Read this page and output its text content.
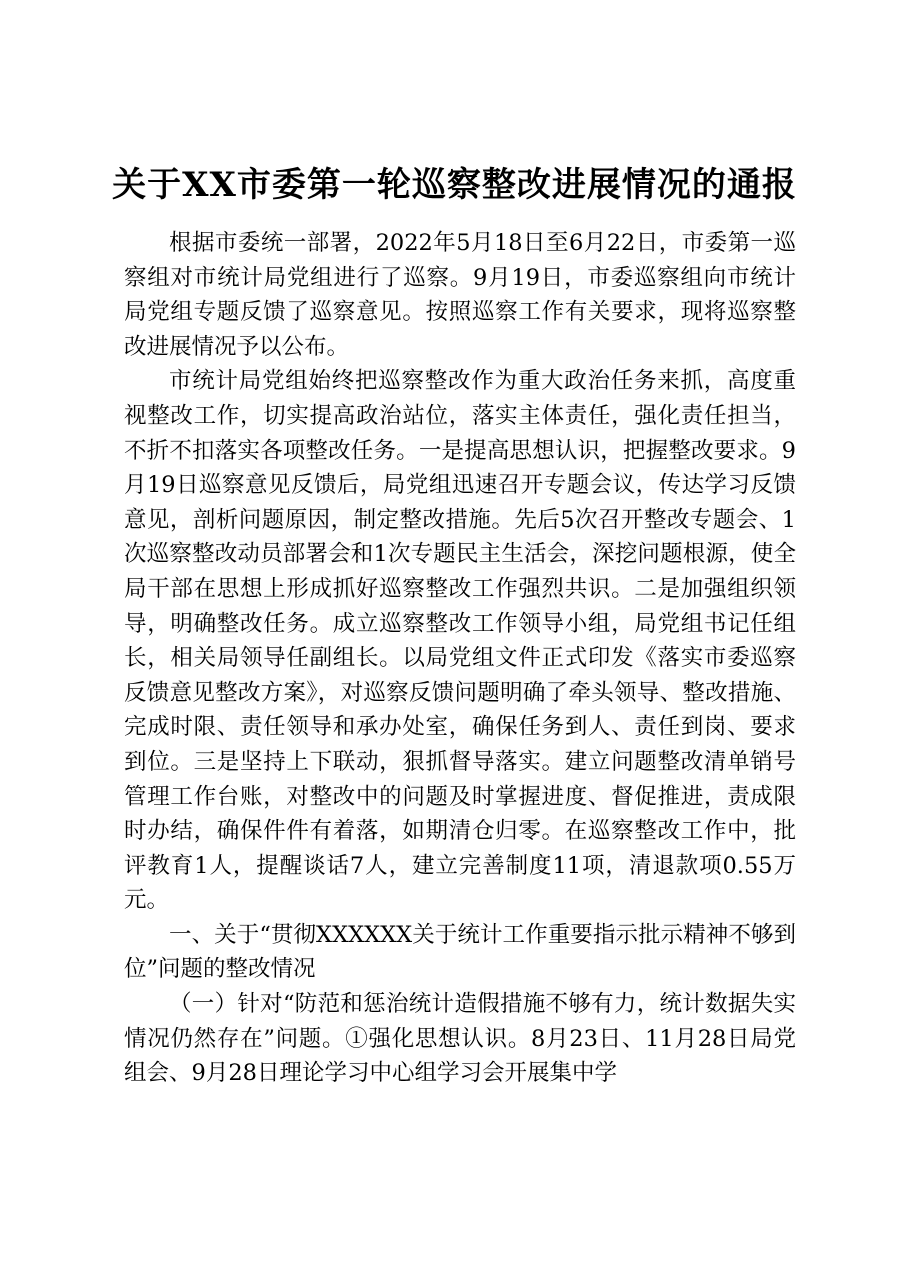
关于XX市委第一轮巡察整改进展情况的通报

根据市委统一部署，2022年5月18日至6月22日，市委第一巡察组对市统计局党组进行了巡察。9月19日，市委巡察组向市统计局党组专题反馈了巡察意见。按照巡察工作有关要求，现将巡察整改进展情况予以公布。

市统计局党组始终把巡察整改作为重大政治任务来抓，高度重视整改工作，切实提高政治站位，落实主体责任，强化责任担当，不折不扣落实各项整改任务。一是提高思想认识，把握整改要求。9月19日巡察意见反馈后，局党组迅速召开专题会议，传达学习反馈意见，剖析问题原因，制定整改措施。先后5次召开整改专题会、1次巡察整改动员部署会和1次专题民主生活会，深挖问题根源，使全局干部在思想上形成抓好巡察整改工作强烈共识。二是加强组织领导，明确整改任务。成立巡察整改工作领导小组，局党组书记任组长，相关局领导任副组长。以局党组文件正式印发《落实市委巡察反馈意见整改方案》，对巡察反馈问题明确了牵头领导、整改措施、完成时限、责任领导和承办处室，确保任务到人、责任到岗、要求到位。三是坚持上下联动，狠抓督导落实。建立问题整改清单销号管理工作台账，对整改中的问题及时掌握进度、督促推进，责成限时办结，确保件件有着落，如期清仓归零。在巡察整改工作中，批评教育1人，提醒谈话7人，建立完善制度11项，清退款项0.55万元。

一、关于“贯彻XXXXXX关于统计工作重要指示批示精神不够到位”问题的整改情况

（一）针对“防范和惩治统计造假措施不够有力，统计数据失实情况仍然存在”问题。①强化思想认识。8月23日、11月28日局党组会、9月28日理论学习中心组学习会开展集中学
